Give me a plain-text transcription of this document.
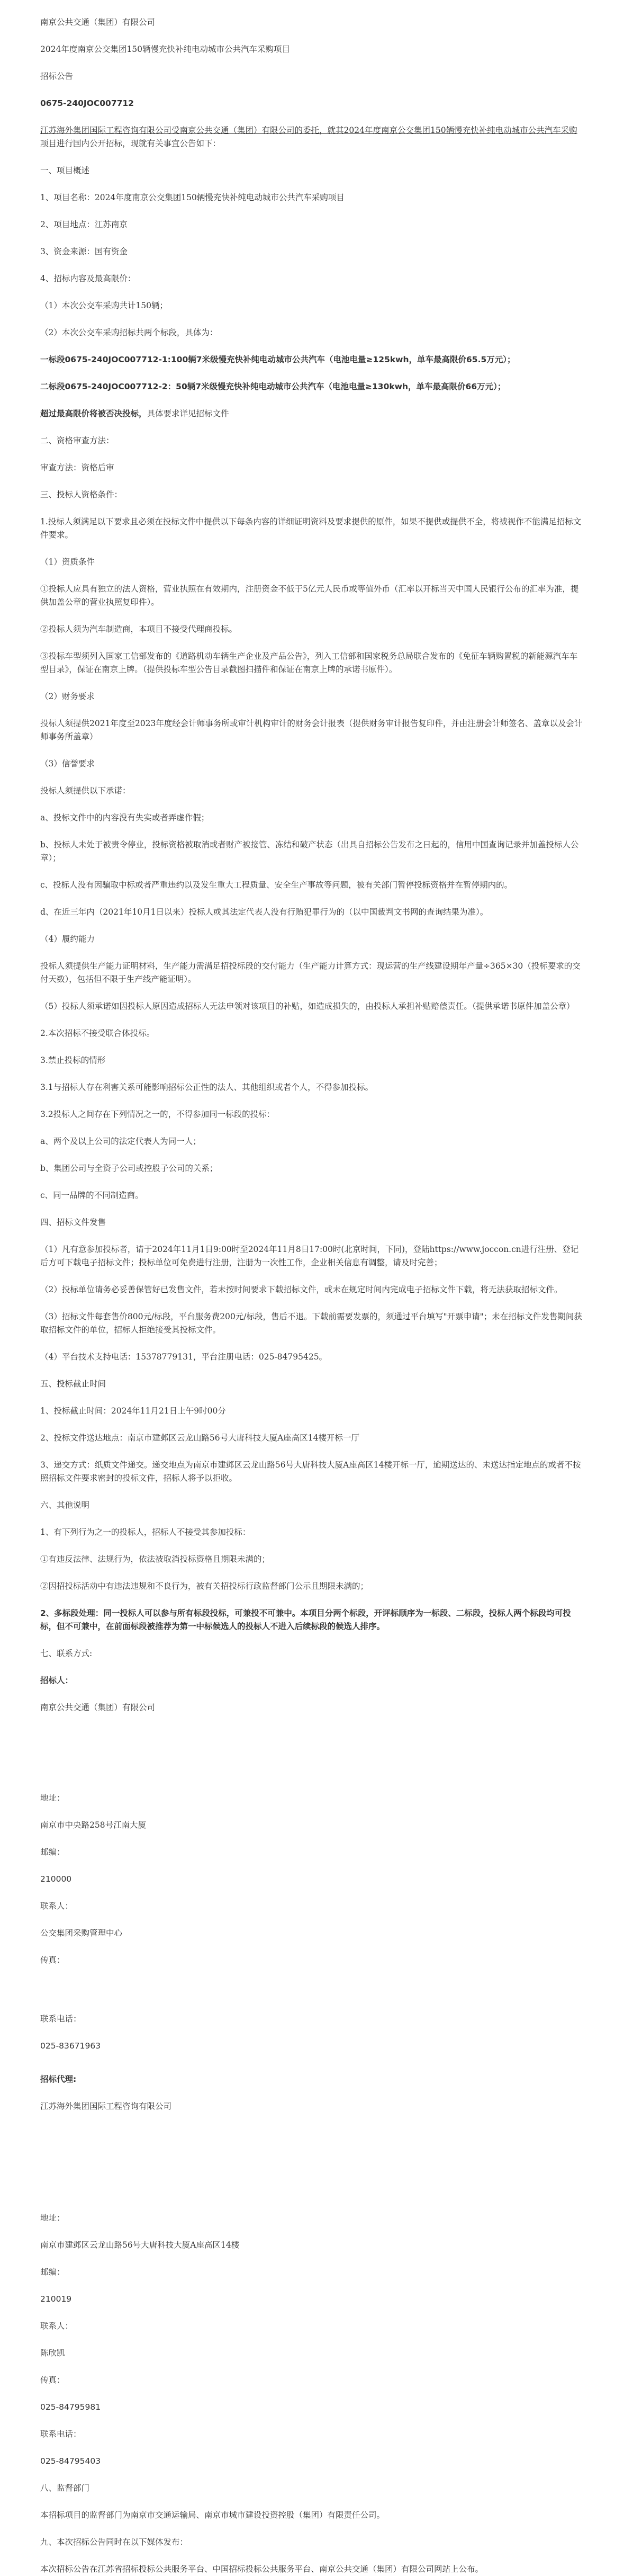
南京公共交通（集团）有限公司

2024年度南京公交集团150辆慢充快补纯电动城市公共汽车采购项目

招标公告

0675-240JOC007712

江苏海外集团国际工程咨询有限公司受南京公共交通（集团）有限公司的委托，就其2024年度南京公交集团150辆慢充快补纯电动城市公共汽车采购项目进行国内公开招标，现就有关事宜公告如下：

一、项目概述

1、项目名称：2024年度南京公交集团150辆慢充快补纯电动城市公共汽车采购项目

2、项目地点：江苏南京

3、资金来源：国有资金

4、招标内容及最高限价：

（1）本次公交车采购共计150辆；

（2）本次公交车采购招标共两个标段，具体为：

一标段0675-240JOC007712-1:100辆7米级慢充快补纯电动城市公共汽车（电池电量≥125kwh，单车最高限价65.5万元）；

二标段0675-240JOC007712-2：50辆7米级慢充快补纯电动城市公共汽车（电池电量≥130kwh，单车最高限价66万元）；

超过最高限价将被否决投标，具体要求详见招标文件

二、资格审查方法：

审查方法：资格后审

三、投标人资格条件：

1.投标人须满足以下要求且必须在投标文件中提供以下每条内容的详细证明资料及要求提供的原件，如果不提供或提供不全，将被视作不能满足招标文件要求。

（1）资质条件

①投标人应具有独立的法人资格，营业执照在有效期内，注册资金不低于5亿元人民币或等值外币（汇率以开标当天中国人民银行公布的汇率为准，提供加盖公章的营业执照复印件）。

②投标人须为汽车制造商，本项目不接受代理商投标。

③投标车型须列入国家工信部发布的《道路机动车辆生产企业及产品公告》，列入工信部和国家税务总局联合发布的《免征车辆购置税的新能源汽车车型目录》，保证在南京上牌。（提供投标车型公告目录截图扫描件和保证在南京上牌的承诺书原件）。

（2）财务要求

投标人须提供2021年度至2023年度经会计师事务所或审计机构审计的财务会计报表（提供财务审计报告复印件，并由注册会计师签名、盖章以及会计师事务所盖章）

（3）信誉要求

投标人须提供以下承诺：

a、投标文件中的内容没有失实或者弄虚作假；

b、投标人未处于被责令停业，投标资格被取消或者财产被接管、冻结和破产状态（出具自招标公告发布之日起的，信用中国查询记录并加盖投标人公章）；

c、投标人没有因骗取中标或者严重违约以及发生重大工程质量、安全生产事故等问题，被有关部门暂停投标资格并在暂停期内的。

d、在近三年内（2021年10月1日以来）投标人或其法定代表人没有行贿犯罪行为的（以中国裁判文书网的查询结果为准）。

（4）履约能力

投标人须提供生产能力证明材料，生产能力需满足招投标段的交付能力（生产能力计算方式：现运营的生产线建设期年产量÷365×30（投标要求的交付天数），包括但不限于生产线产能证明）。

（5）投标人须承诺如因投标人原因造成招标人无法申领对该项目的补贴，如造成损失的，由投标人承担补贴赔偿责任。（提供承诺书原件加盖公章）

2.本次招标不接受联合体投标。

3.禁止投标的情形

3.1与招标人存在利害关系可能影响招标公正性的法人、其他组织或者个人，不得参加投标。

3.2投标人之间存在下列情况之一的，不得参加同一标段的投标：

a、两个及以上公司的法定代表人为同一人；

b、集团公司与全资子公司或控股子公司的关系；

c、同一品牌的不同制造商。

四、招标文件发售

（1）凡有意参加投标者，请于2024年11月1日9:00时至2024年11月8日17:00时(北京时间，下同)，登陆https://www.joccon.cn进行注册、登记后方可下载电子招标文件；投标单位可免费进行注册，注册为一次性工作，企业相关信息有调整，请及时完善；

（2）投标单位请务必妥善保管好已发售文件，若未按时间要求下载招标文件，或未在规定时间内完成电子招标文件下载，将无法获取招标文件。

（3）招标文件每套售价800元/标段，平台服务费200元/标段，售后不退。下载前需要发票的，须通过平台填写"开票申请"；未在招标文件发售期间获取招标文件的单位，招标人拒绝接受其投标文件。

（4）平台技术支持电话：15378779131，平台注册电话：025-84795425。

五、投标截止时间

1、投标截止时间：2024年11月21日上午9时00分

2、投标文件送达地点：南京市建邺区云龙山路56号大唐科技大厦A座高区14楼开标一厅

3、递交方式：纸质文件递交。递交地点为南京市建邺区云龙山路56号大唐科技大厦A座高区14楼开标一厅，逾期送达的、未送达指定地点的或者不按照招标文件要求密封的投标文件，招标人将予以拒收。

六、其他说明

1、有下列行为之一的投标人，招标人不接受其参加投标：

①有违反法律、法规行为，依法被取消投标资格且期限未满的；

②因招投标活动中有违法违规和不良行为，被有关招投标行政监督部门公示且期限未满的；

2、多标段处理：同一投标人可以参与所有标段投标，可兼投不可兼中。本项目分两个标段，开评标顺序为一标段、二标段，投标人两个标段均可投标，但不可兼中，在前面标段被推荐为第一中标候选人的投标人不进入后续标段的候选人排序。

七、联系方式:

招标人：

南京公共交通（集团）有限公司

地址：

南京市中央路258号江南大厦

邮编：

210000

联系人：

公交集团采购管理中心

传真：

联系电话：

025-83671963

招标代理:

江苏海外集团国际工程咨询有限公司

地址：

南京市建邺区云龙山路56号大唐科技大厦A座高区14楼

邮编：

210019

联系人：

陈欣凯

传真：

025-84795981

联系电话：

025-84795403

八、监督部门

本招标项目的监督部门为南京市交通运输局、南京市城市建设投资控股（集团）有限责任公司。

九、本次招标公告同时在以下媒体发布：

本次招标公告在江苏省招标投标公共服务平台、中国招标投标公共服务平台、南京公共交通（集团）有限公司网站上公布。
